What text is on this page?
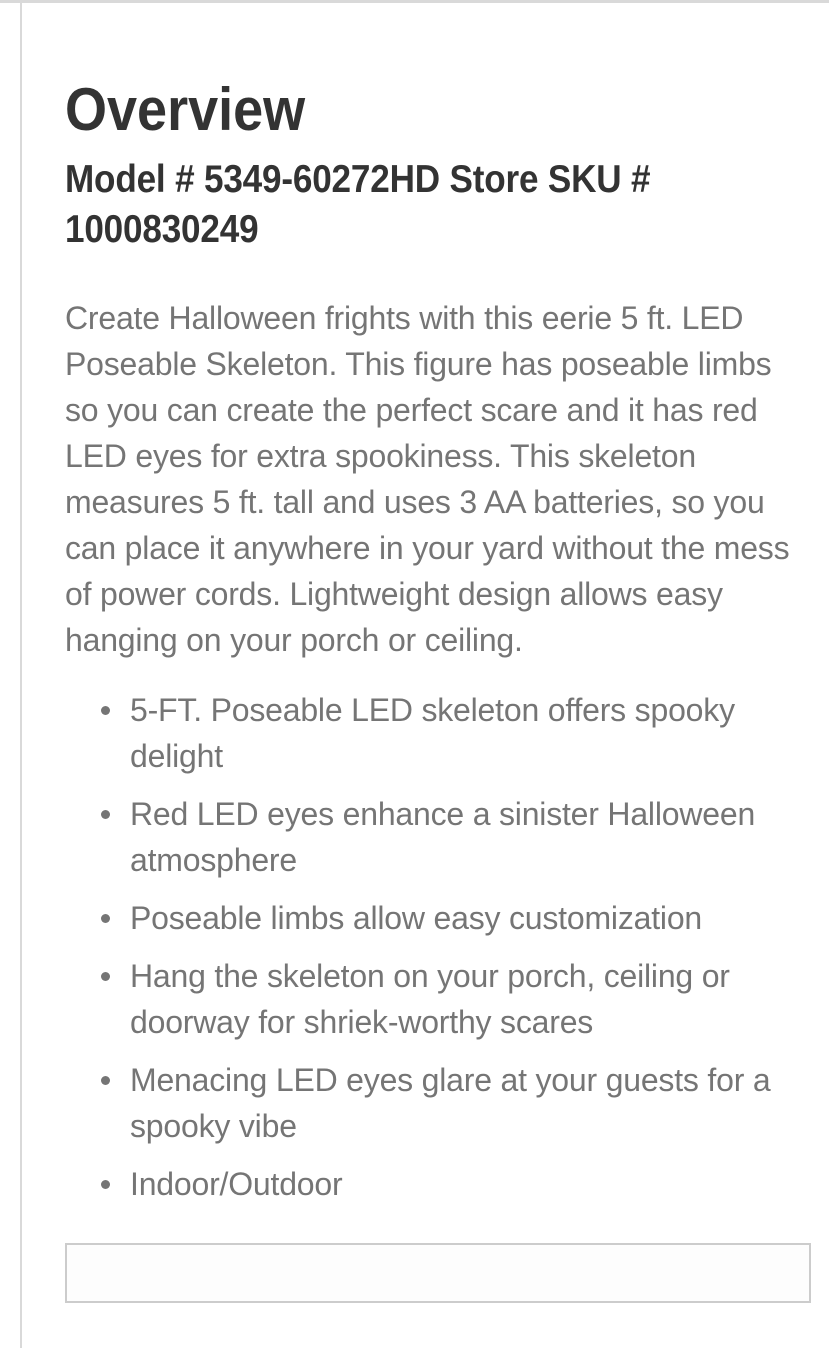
Overview

Model # 5349-60272HD Store SKU # 1000830249

Create Halloween frights with this eerie 5 ft. LED Poseable Skeleton. This figure has poseable limbs so you can create the perfect scare and it has red LED eyes for extra spookiness. This skeleton measures 5 ft. tall and uses 3 AA batteries, so you can place it anywhere in your yard without the mess of power cords. Lightweight design allows easy hanging on your porch or ceiling.

5-FT. Poseable LED skeleton offers spooky delight
Red LED eyes enhance a sinister Halloween atmosphere
Poseable limbs allow easy customization
Hang the skeleton on your porch, ceiling or doorway for shriek-worthy scares
Menacing LED eyes glare at your guests for a spooky vibe
Indoor/Outdoor
